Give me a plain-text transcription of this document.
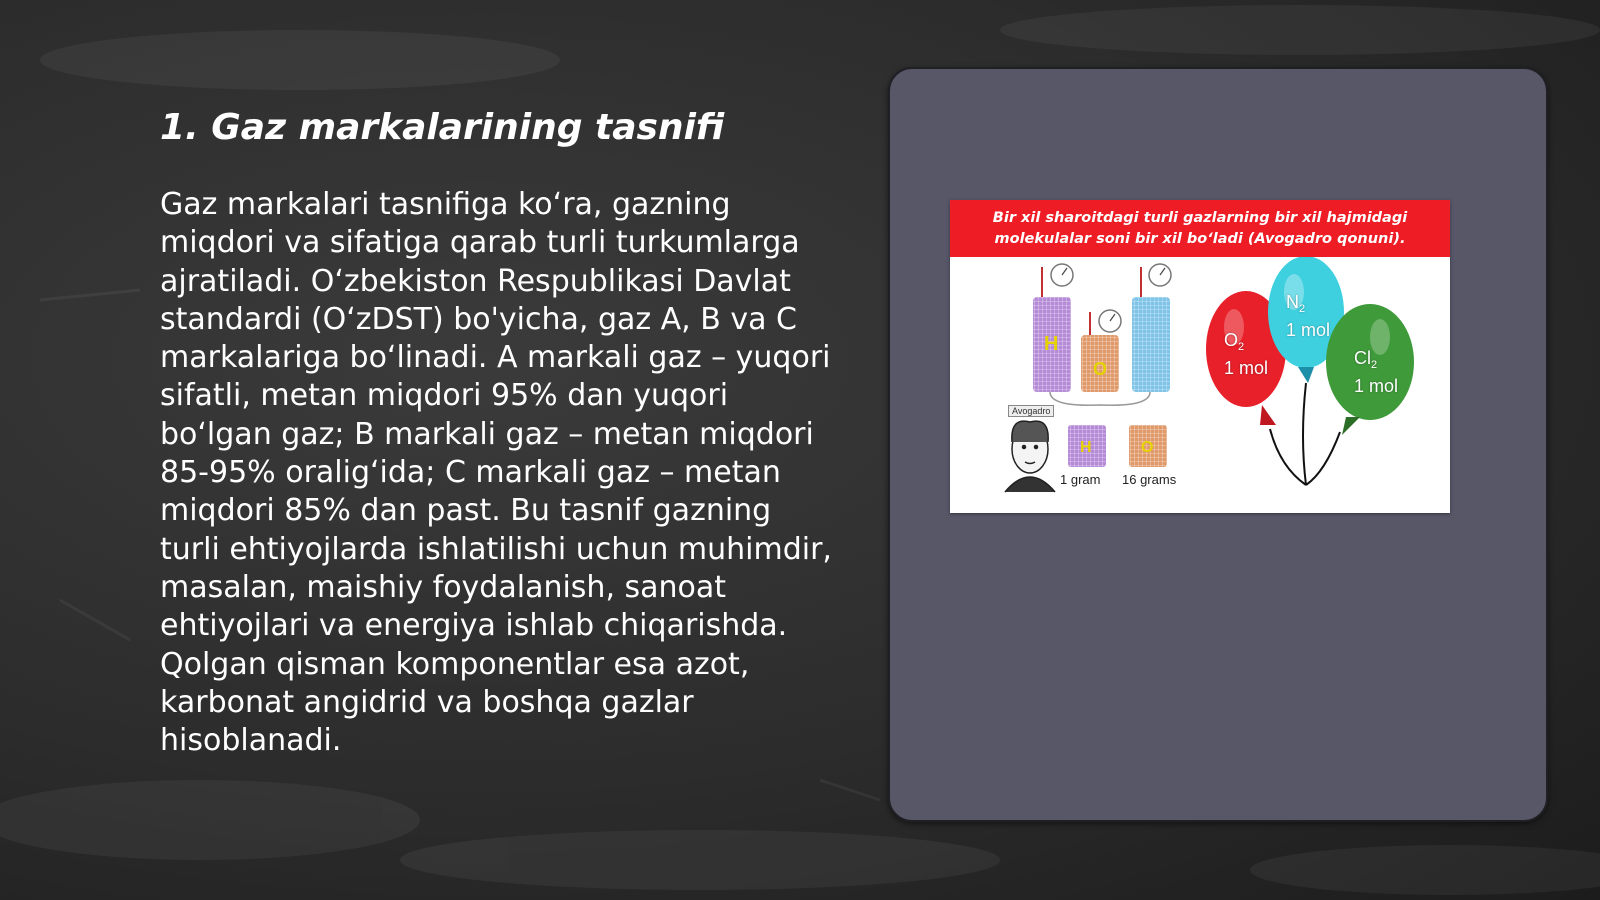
1. Gaz markalarining tasnifi

Gaz markalari tasnifiga ko‘ra, gazning miqdori va sifatiga qarab turli turkumlarga ajratiladi. O‘zbekiston Respublikasi Davlat standardi (O‘zDST) bo'yicha, gaz A, B va C markalariga bo‘linadi. A markali gaz – yuqori sifatli, metan miqdori 95% dan yuqori bo‘lgan gaz; B markali gaz – metan miqdori 85-95% oralig‘ida; C markali gaz – metan miqdori 85% dan past. Bu tasnif gazning turli ehtiyojlarda ishlatilishi uchun muhimdir, masalan, maishiy foydalanish, sanoat ehtiyojlari va energiya ishlab chiqarishda. Qolgan qisman komponentlar esa azot, karbonat angidrid va boshqa gazlar hisoblanadi.

Bir xil sharoitdagi turli gazlarning bir xil hajmidagi molekulalar soni bir xil bo‘ladi (Avogadro qonuni).
H
O
H	O
Avogadro
1 gram 16 grams
$O_2$
1 mol
$N_2$
1 mol
$Cl_2$
1 mol
